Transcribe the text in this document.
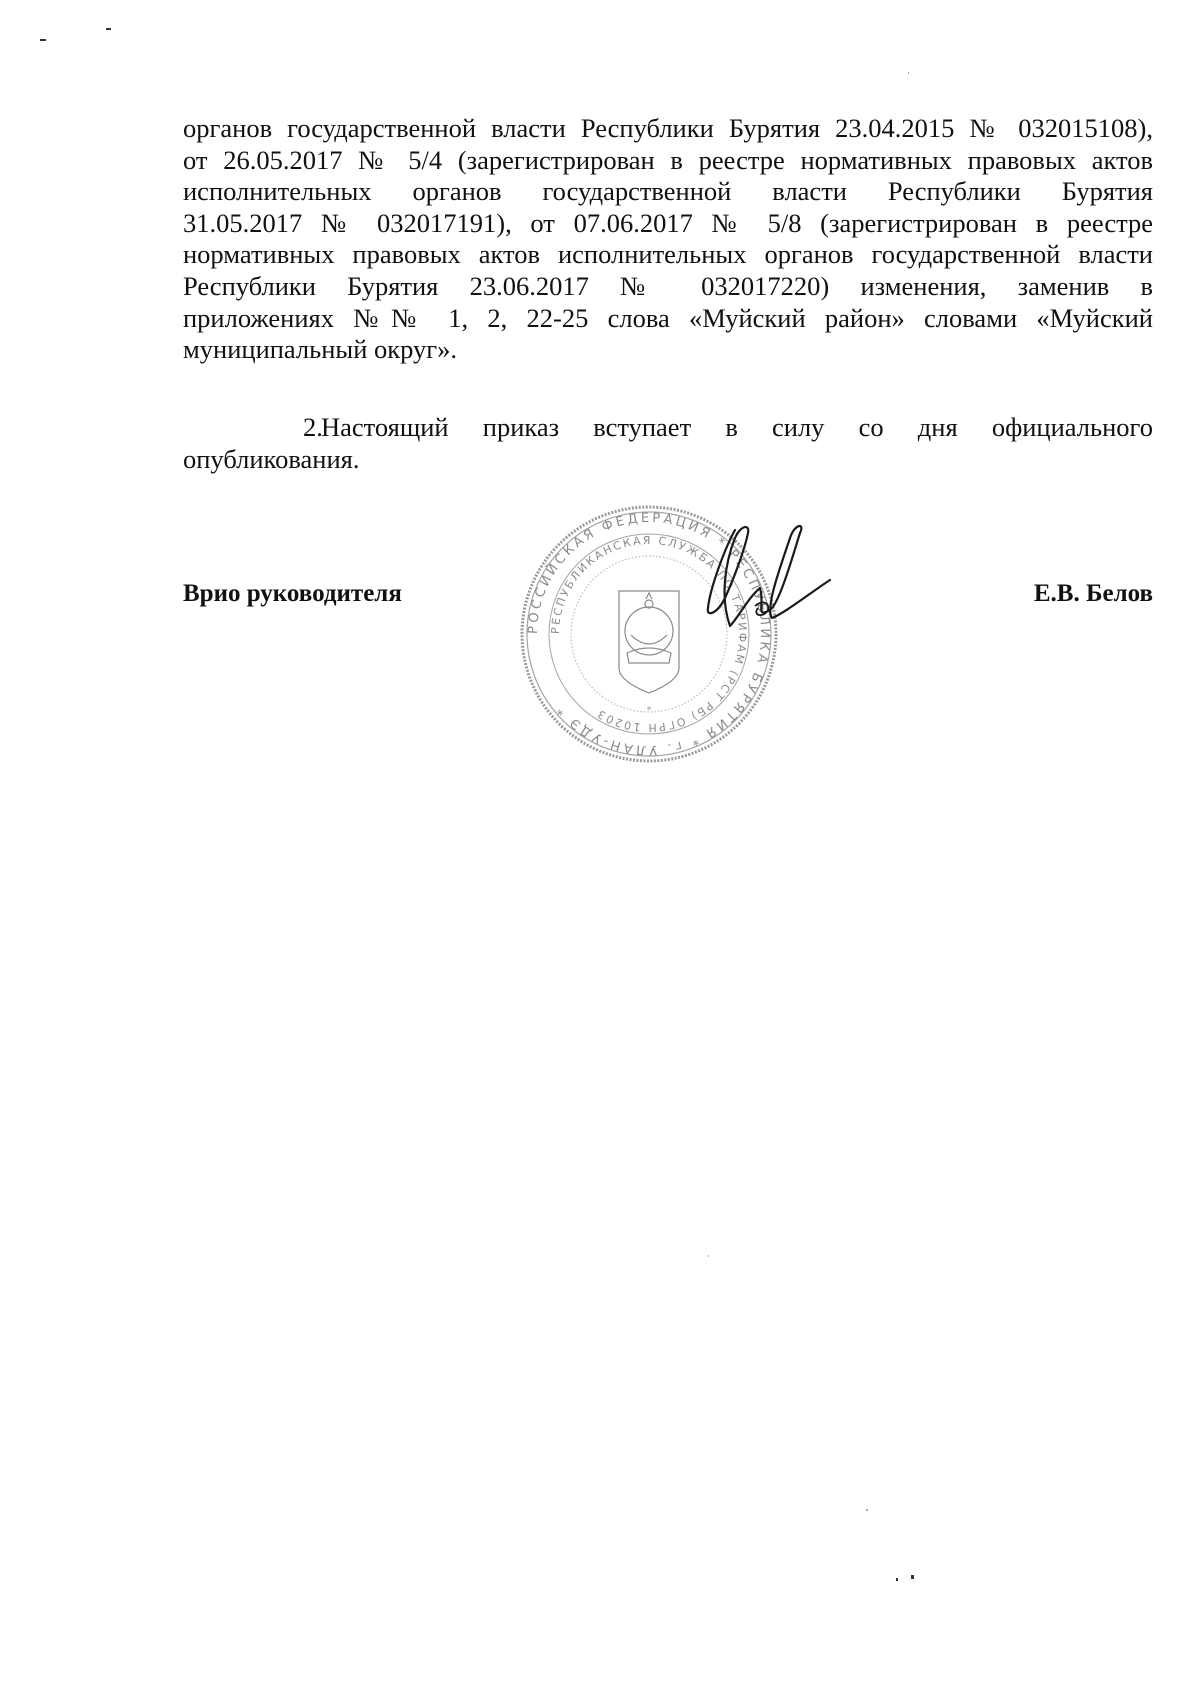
органов государственной власти Республики Бурятия 23.04.2015 № 032015108),
от 26.05.2017 № 5/4 (зарегистрирован в реестре нормативных правовых актов
исполнительных органов государственной власти Республики Бурятия
31.05.2017 № 032017191), от 07.06.2017 № 5/8 (зарегистрирован в реестре
нормативных правовых актов исполнительных органов государственной власти
Республики Бурятия 23.06.2017 № 032017220) изменения, заменив в
приложениях №№ 1, 2, 22-25 слова «Муйский район» словами «Муйский
муниципальный округ».
2.Настоящий приказ вступает в силу со дня официального
опубликования.
РОССИЙСКАЯ ФЕДЕРАЦИЯ * РЕСПУБЛИКА БУРЯТИЯ * г. УЛАН-УДЭ *
РЕСПУБЛИКАНСКАЯ СЛУЖБА ПО ТАРИФАМ (РСТ РБ) ОГРН 10203	*
Врио руководителя	Е.В. Белов
